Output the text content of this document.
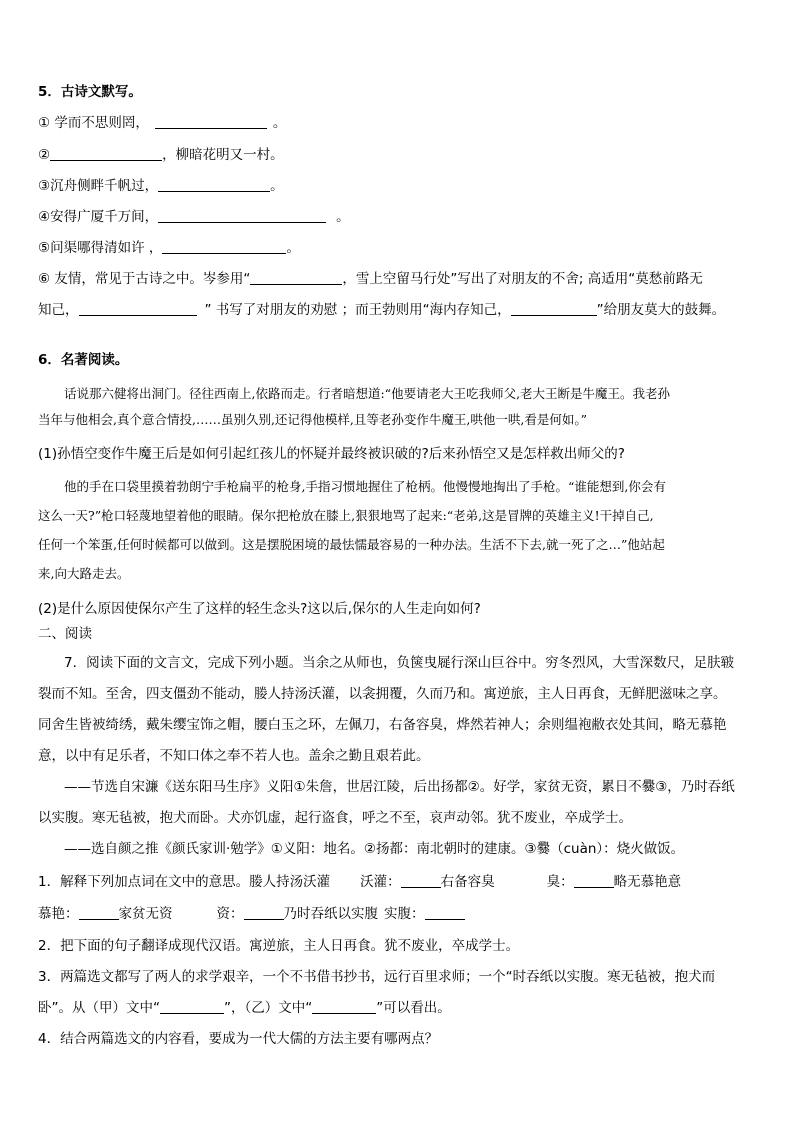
5．古诗文默写。
① 学而不思则罔，	。
②	，柳暗花明又一村。
③沉舟侧畔千帆过，	。
④安得广厦千万间，	。
⑤问渠哪得清如许 ，	。
⑥ 友情，常见于古诗之中。岑参用“	，雪上空留马行处”写出了对朋友的不舍; 高适用“莫愁前路无
知己，	” 书写了对朋友的劝慰 ；而王勃则用“海内存知己，	”给朋友莫大的鼓舞。
6．名著阅读。
话说那六健将出洞门。径往西南上,依路而走。行者暗想道:“他要请老大王吃我师父,老大王断是牛魔王。我老孙
当年与他相会,真个意合情投,……虽别久别,还记得他模样,且等老孙变作牛魔王,哄他一哄,看是何如。”
(1)孙悟空变作牛魔王后是如何引起红孩儿的怀疑并最终被识破的?后来孙悟空又是怎样救出师父的?
他的手在口袋里摸着勃朗宁手枪扁平的枪身,手指习惯地握住了枪柄。他慢慢地掏出了手枪。“谁能想到,你会有
这么一天?”枪口轻蔑地望着他的眼睛。保尔把枪放在膝上,狠狠地骂了起来:“老弟,这是冒牌的英雄主义!干掉自己,
任何一个笨蛋,任何时候都可以做到。这是摆脱困境的最怯懦最容易的一种办法。生活不下去,就一死了之…”他站起
来,向大路走去。
(2)是什么原因使保尔产生了这样的轻生念头?这以后,保尔的人生走向如何?
二、阅读
7．阅读下面的文言文，完成下列小题。当余之从师也，负箧曳屣行深山巨谷中。穷冬烈风，大雪深数尺，足肤皲
裂而不知。至舍，四支僵劲不能动，媵人持汤沃灌，以衾拥覆，久而乃和。寓逆旅，主人日再食，无鲜肥滋味之享。
同舍生皆被绮绣，戴朱缨宝饰之帽，腰白玉之环，左佩刀，右备容臭，烨然若神人；余则缊袍敝衣处其间，略无慕艳
意，以中有足乐者，不知口体之奉不若人也。盖余之勤且艰若此。
——节选自宋濂《送东阳马生序》义阳①朱詹，世居江陵，后出扬都②。好学，家贫无资，累日不爨③，乃时吞纸
以实腹。寒无毡被，抱犬而卧。犬亦饥虚，起行盗食，呼之不至，哀声动邻。犹不废业，卒成学士。
——选自颜之推《颜氏家训·勉学》①义阳：地名。②扬都：南北朝时的建康。③爨（cuàn）：烧火做饭。
1．解释下列加点词在文中的意思。媵人持汤沃灌 沃灌：	右备容臭	臭：	略无慕艳意
慕艳：	家贫无资	资：	乃时吞纸以实腹 实腹：
2．把下面的句子翻译成现代汉语。寓逆旅，主人日再食。犹不废业，卒成学士。
3．两篇选文都写了两人的求学艰辛，一个不书借书抄书，远行百里求师；一个“时吞纸以实腹。寒无毡被，抱犬而
卧”。从（甲）文中“	”，（乙）文中“	”可以看出。
4．结合两篇选文的内容看，要成为一代大儒的方法主要有哪两点？
